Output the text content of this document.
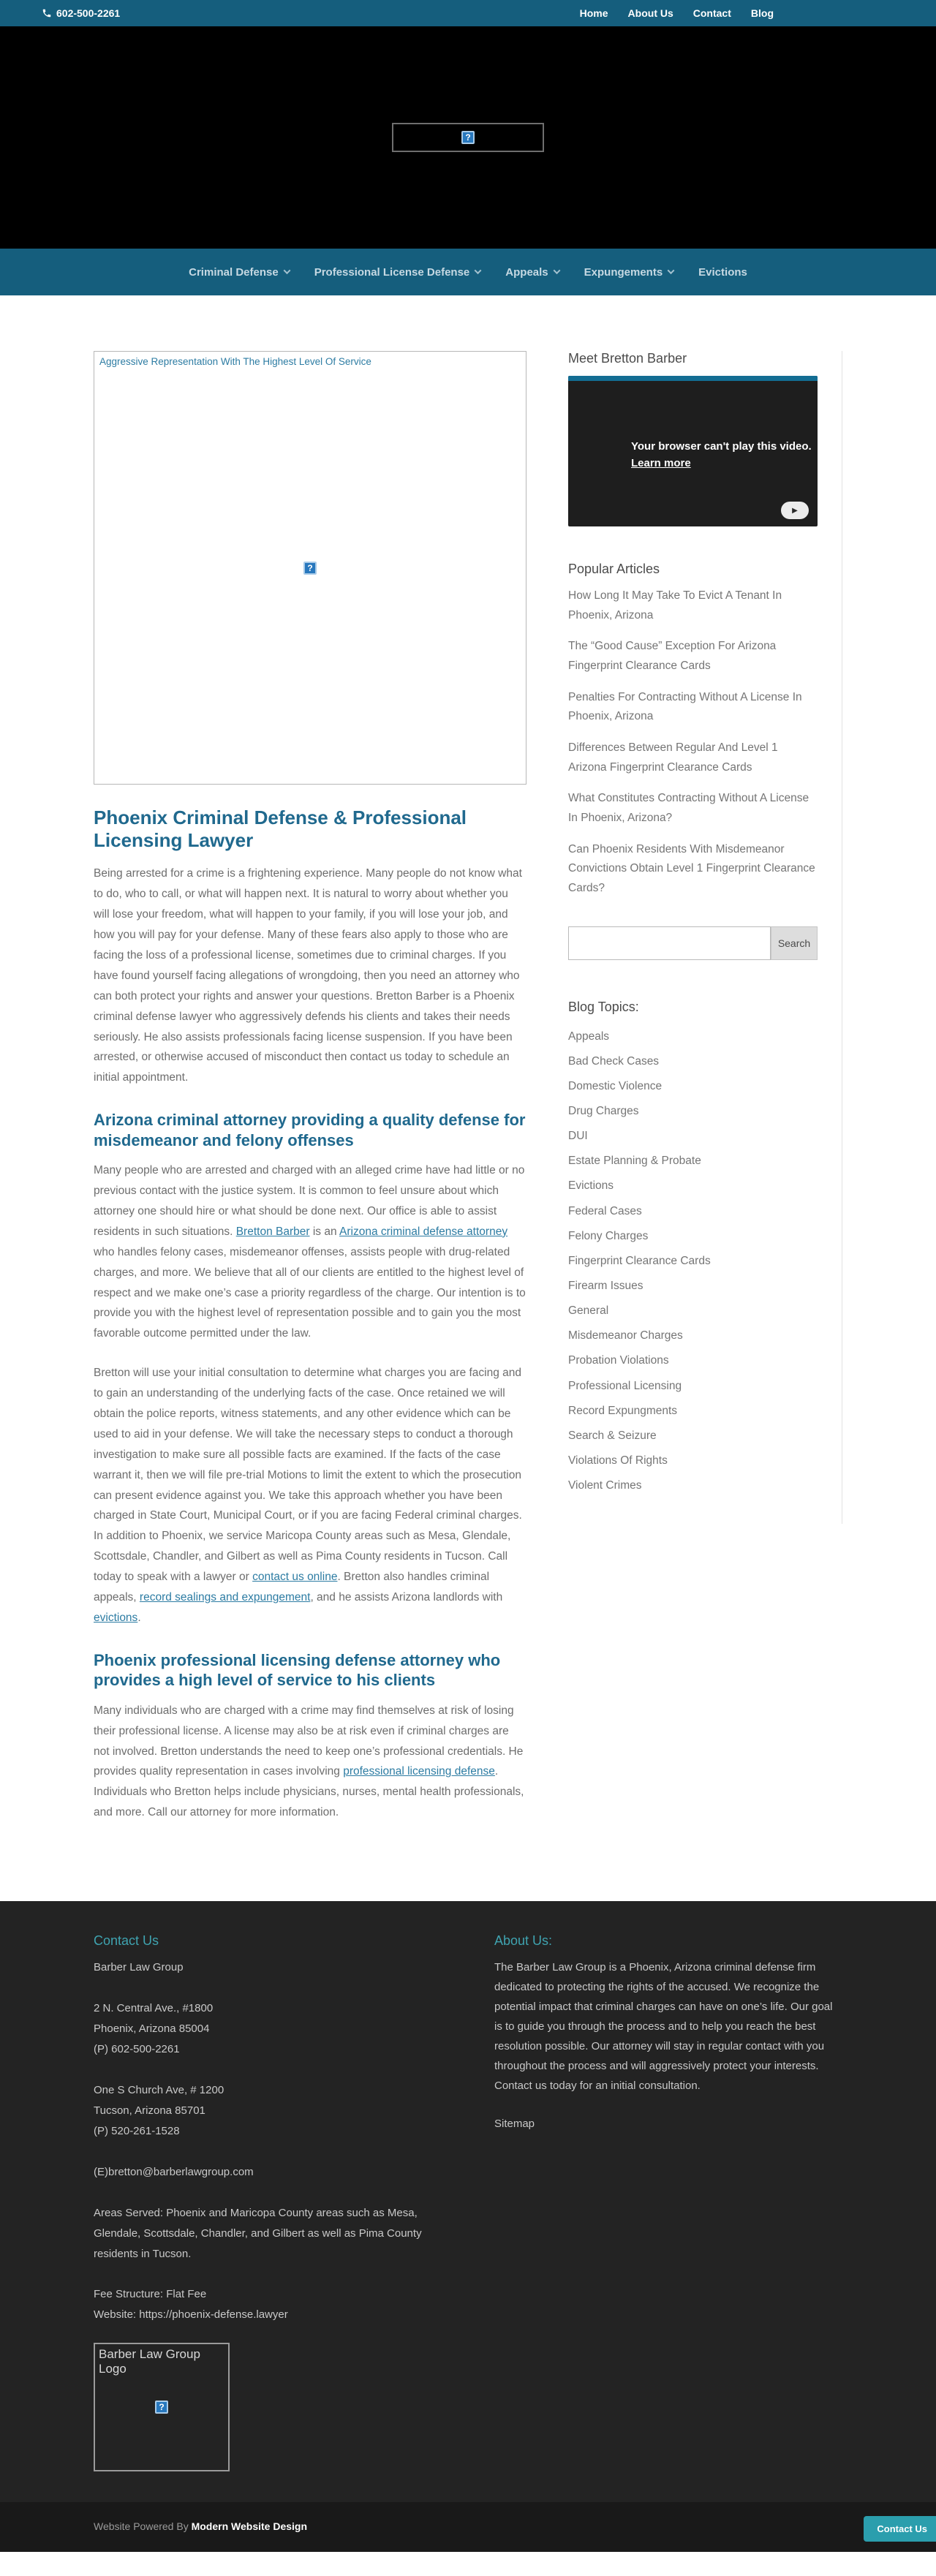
602-500-2261	Home About Us Contact Blog
?
Criminal Defense	Professional License Defense	Appeals	Expungements	Evictions
Aggressive Representation With The Highest Level Of Service
?
Phoenix Criminal Defense & Professional Licensing Lawyer

Being arrested for a crime is a frightening experience. Many people do not know what to do, who to call, or what will happen next. It is natural to worry about whether you will lose your freedom, what will happen to your family, if you will lose your job, and how you will pay for your defense. Many of these fears also apply to those who are facing the loss of a professional license, sometimes due to criminal charges. If you have found yourself facing allegations of wrongdoing, then you need an attorney who can both protect your rights and answer your questions. Bretton Barber is a Phoenix criminal defense lawyer who aggressively defends his clients and takes their needs seriously. He also assists professionals facing license suspension. If you have been arrested, or otherwise accused of misconduct then contact us today to schedule an initial appointment.

Arizona criminal attorney providing a quality defense for misdemeanor and felony offenses

Many people who are arrested and charged with an alleged crime have had little or no previous contact with the justice system. It is common to feel unsure about which attorney one should hire or what should be done next. Our office is able to assist residents in such situations. Bretton Barber is an Arizona criminal defense attorney who handles felony cases, misdemeanor offenses, assists people with drug-related charges, and more. We believe that all of our clients are entitled to the highest level of respect and we make one’s case a priority regardless of the charge. Our intention is to provide you with the highest level of representation possible and to gain you the most favorable outcome permitted under the law.

Bretton will use your initial consultation to determine what charges you are facing and to gain an understanding of the underlying facts of the case. Once retained we will obtain the police reports, witness statements, and any other evidence which can be used to aid in your defense. We will take the necessary steps to conduct a thorough investigation to make sure all possible facts are examined. If the facts of the case warrant it, then we will file pre-trial Motions to limit the extent to which the prosecution can present evidence against you. We take this approach whether you have been charged in State Court, Municipal Court, or if you are facing Federal criminal charges. In addition to Phoenix, we service Maricopa County areas such as Mesa, Glendale, Scottsdale, Chandler, and Gilbert as well as Pima County residents in Tucson. Call today to speak with a lawyer or contact us online. Bretton also handles criminal appeals, record sealings and expungement, and he assists Arizona landlords with evictions.

Phoenix professional licensing defense attorney who provides a high level of service to his clients

Many individuals who are charged with a crime may find themselves at risk of losing their professional license. A license may also be at risk even if criminal charges are not involved. Bretton understands the need to keep one’s professional credentials. He provides quality representation in cases involving professional licensing defense. Individuals who Bretton helps include physicians, nurses, mental health professionals, and more. Call our attorney for more information.

Meet Bretton Barber
Your browser can't play this video.
Learn more
▶
Popular Articles
How Long It May Take To Evict A Tenant In Phoenix, Arizona
The “Good Cause” Exception For Arizona Fingerprint Clearance Cards
Penalties For Contracting Without A License In Phoenix, Arizona
Differences Between Regular And Level 1 Arizona Fingerprint Clearance Cards
What Constitutes Contracting Without A License In Phoenix, Arizona?
Can Phoenix Residents With Misdemeanor Convictions Obtain Level 1 Fingerprint Clearance Cards?
Search
Blog Topics:
Appeals
Bad Check Cases
Domestic Violence
Drug Charges
DUI
Estate Planning & Probate
Evictions
Federal Cases
Felony Charges
Fingerprint Clearance Cards
Firearm Issues
General
Misdemeanor Charges
Probation Violations
Professional Licensing
Record Expungments
Search & Seizure
Violations Of Rights
Violent Crimes
Contact Us
Barber Law Group
2 N. Central Ave., #1800
Phoenix, Arizona 85004
(P) 602-500-2261
One S Church Ave, # 1200
Tucson, Arizona 85701
(P) 520-261-1528
(E)bretton@barberlawgroup.com

Areas Served: Phoenix and Maricopa County areas such as Mesa, Glendale, Scottsdale, Chandler, and Gilbert as well as Pima County residents in Tucson.

Fee Structure: Flat Fee

Website: https://phoenix-defense.lawyer
Barber Law Group Logo
?
About Us:

The Barber Law Group is a Phoenix, Arizona criminal defense firm dedicated to protecting the rights of the accused. We recognize the potential impact that criminal charges can have on one’s life. Our goal is to guide you through the process and to help you reach the best resolution possible. Our attorney will stay in regular contact with you throughout the process and will aggressively protect your interests. Contact us today for an initial consultation.

Sitemap
Website Powered By Modern Website Design	Contact Us
